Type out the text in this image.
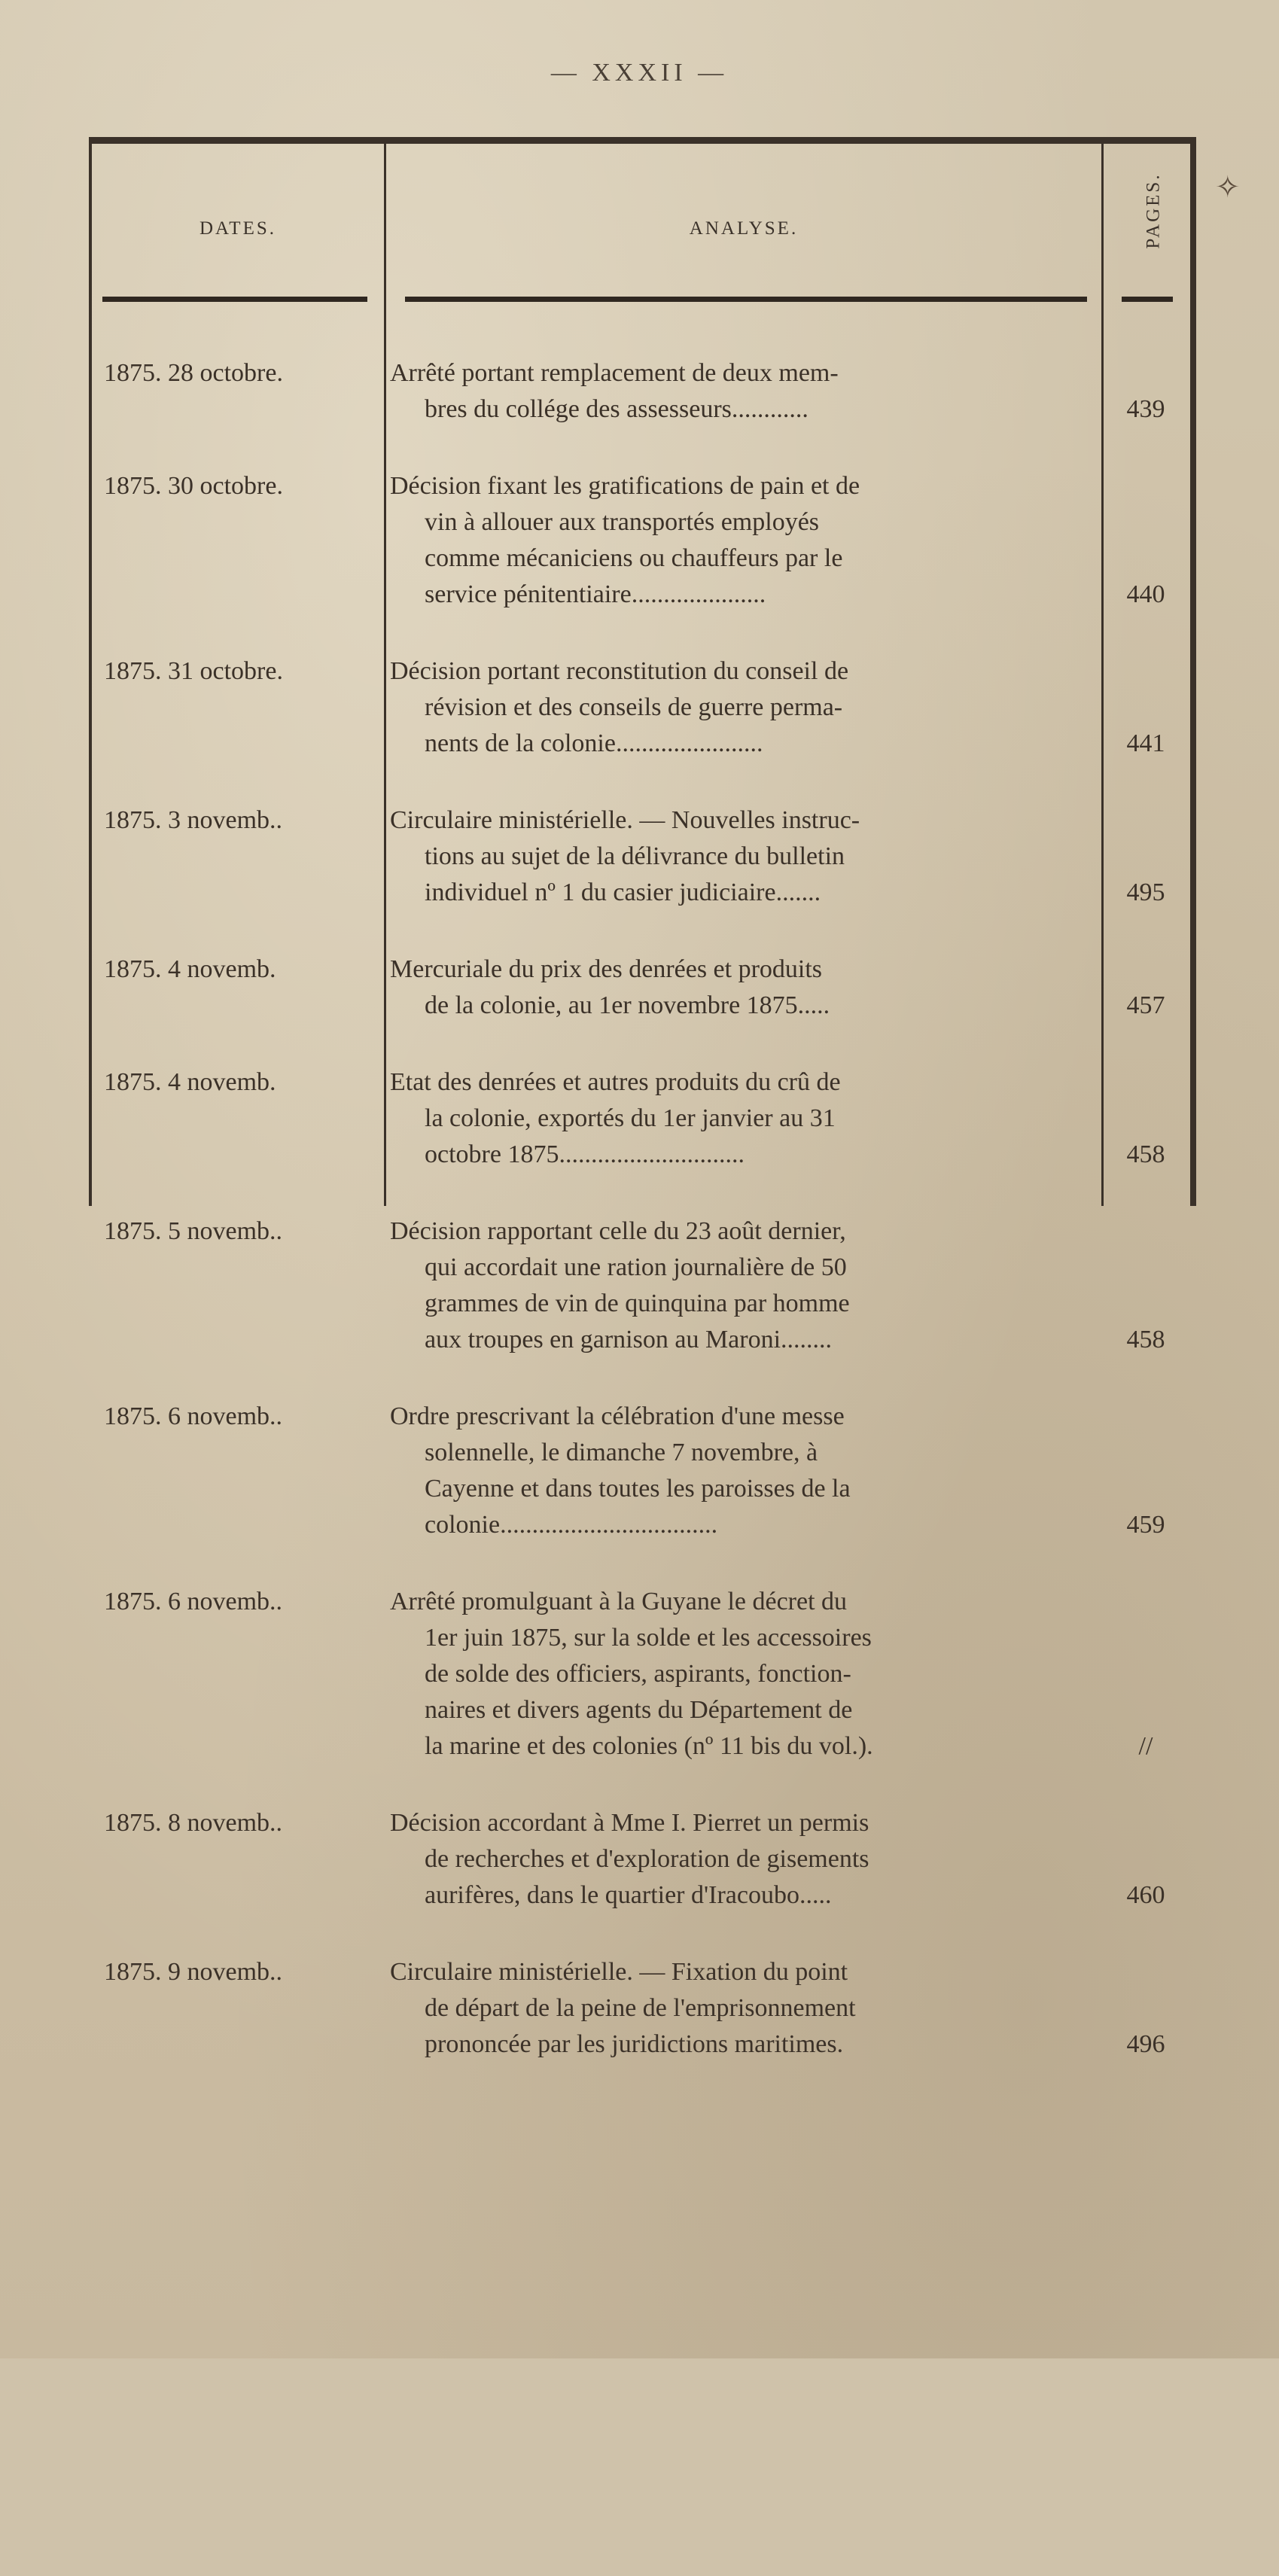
— XXXII —
DATES.	ANALYSE.	PAGES.
1875. 28 octobre.	Arrêté portant remplacement de deux mem-
bres du collége des assesseurs............	439
1875. 30 octobre.	Décision fixant les gratifications de pain et de
vin à allouer aux transportés employés
comme mécaniciens ou chauffeurs par le
service pénitentiaire.....................	440
1875. 31 octobre.	Décision portant reconstitution du conseil de
révision et des conseils de guerre perma-
nents de la colonie.......................	441
1875. 3 novemb..	Circulaire ministérielle. — Nouvelles instruc-
tions au sujet de la délivrance du bulletin
individuel nº 1 du casier judiciaire.......	495
1875. 4 novemb.	Mercuriale du prix des denrées et produits
de la colonie, au 1er novembre 1875.....	457
1875. 4 novemb.	Etat des denrées et autres produits du crû de
la colonie, exportés du 1er janvier au 31
octobre 1875.............................	458
1875. 5 novemb..	Décision rapportant celle du 23 août dernier,
qui accordait une ration journalière de 50
grammes de vin de quinquina par homme
aux troupes en garnison au Maroni........	458
1875. 6 novemb..	Ordre prescrivant la célébration d'une messe
solennelle, le dimanche 7 novembre, à
Cayenne et dans toutes les paroisses de la
colonie..................................	459
1875. 6 novemb..	Arrêté promulguant à la Guyane le décret du
1er juin 1875, sur la solde et les accessoires
de solde des officiers, aspirants, fonction-
naires et divers agents du Département de
la marine et des colonies (nº 11 bis du vol.).	//
1875. 8 novemb..	Décision accordant à Mme I. Pierret un permis
de recherches et d'exploration de gisements
aurifères, dans le quartier d'Iracoubo.....	460
1875. 9 novemb..	Circulaire ministérielle. — Fixation du point
de départ de la peine de l'emprisonnement
prononcée par les juridictions maritimes.	496
✧
